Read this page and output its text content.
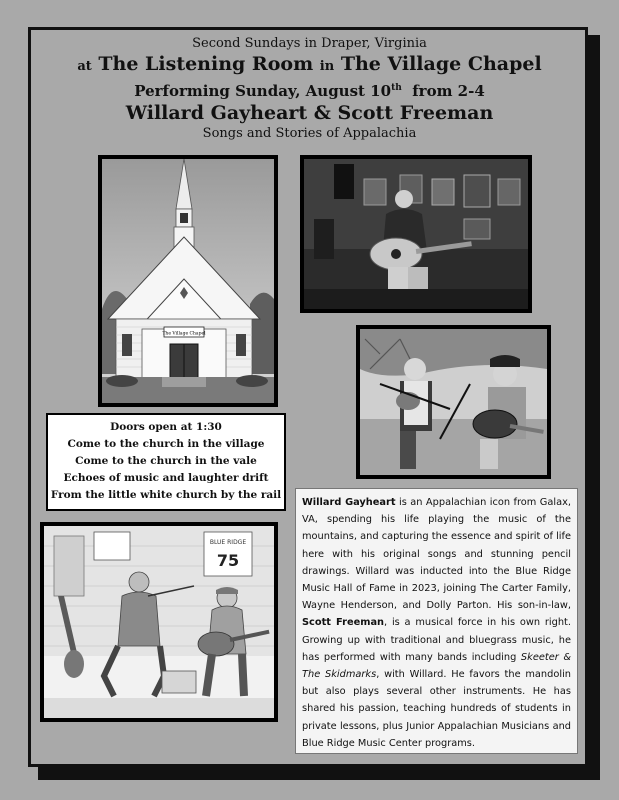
Second Sundays in Draper, Virginia
at The Listening Room in The Village Chapel
Performing Sunday, August 10th from 2-4
Willard Gayheart & Scott Freeman
Songs and Stories of Appalachia
The Village Chapel
Doors open at 1:30
Come to the church in the village
Come to the church in the vale
Echoes of music and laughter drift
From the little white church by the rail
BLUE RIDGE
75
Willard Gayheart is an Appalachian icon from Galax, VA, spending his life playing the music of the mountains, and capturing the essence and spirit of life here with his original songs and stunning pencil drawings. Willard was inducted into the Blue Ridge Music Hall of Fame in 2023, joining The Carter Family, Wayne Henderson, and Dolly Parton. His son-in-law, Scott Freeman, is a musical force in his own right. Growing up with traditional and bluegrass music, he has performed with many bands including Skeeter & The Skidmarks, with Willard. He favors the mandolin but also plays several other instruments. He has shared his passion, teaching hundreds of students in private lessons, plus Junior Appalachian Musicians and Blue Ridge Music Center programs.
